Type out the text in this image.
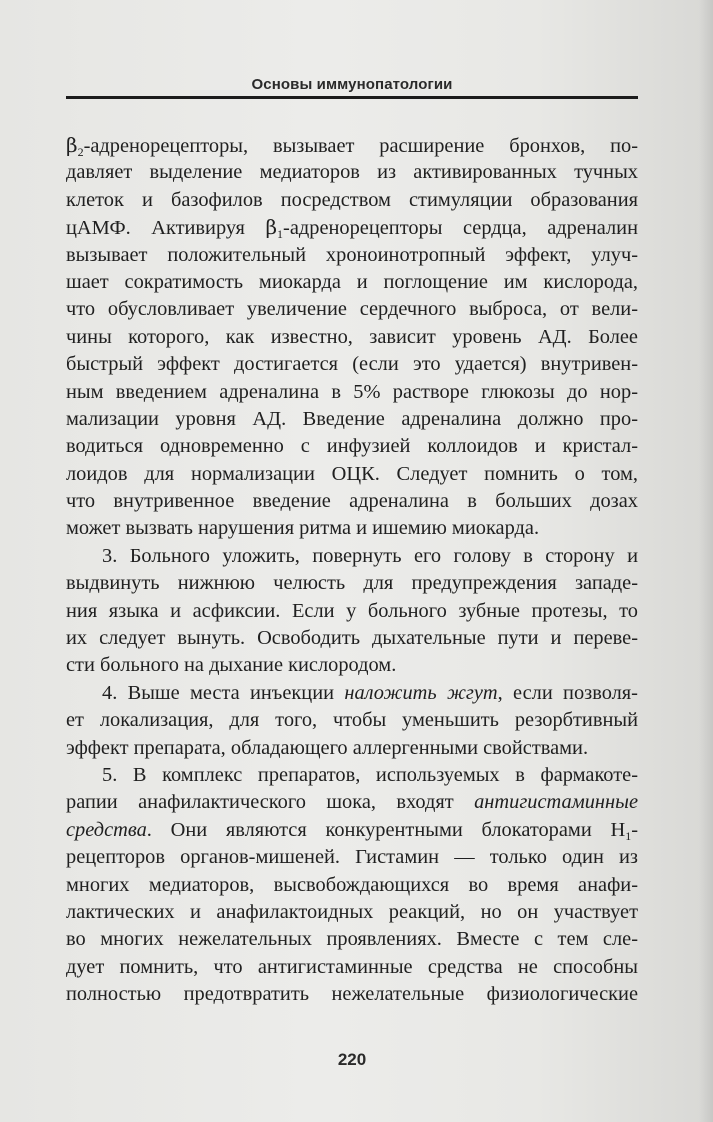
Основы иммунопатологии
$\beta_2$-адренорецепторы, вызывает расширение бронхов, по-
давляет выделение медиаторов из активированных тучных
клеток и базофилов посредством стимуляции образования
цАМФ. Активируя $\beta_1$-адренорецепторы сердца, адреналин
вызывает положительный хроноинотропный эффект, улуч-
шает сократимость миокарда и поглощение им кислорода,
что обусловливает увеличение сердечного выброса, от вели-
чины которого, как известно, зависит уровень АД. Более
быстрый эффект достигается (если это удается) внутривен-
ным введением адреналина в 5% растворе глюкозы до нор-
мализации уровня АД. Введение адреналина должно про-
водиться одновременно с инфузией коллоидов и кристал-
лоидов для нормализации ОЦК. Следует помнить о том,
что внутривенное введение адреналина в больших дозах
может вызвать нарушения ритма и ишемию миокарда.
3. Больного уложить, повернуть его голову в сторону и
выдвинуть нижнюю челюсть для предупреждения западе-
ния языка и асфиксии. Если у больного зубные протезы, то
их следует вынуть. Освободить дыхательные пути и переве-
сти больного на дыхание кислородом.
4. Выше места инъекции наложить жгут, если позволя-
ет локализация, для того, чтобы уменьшить резорбтивный
эффект препарата, обладающего аллергенными свойствами.
5. В комплекс препаратов, используемых в фармакоте-
рапии анафилактического шока, входят антигистаминные
средства. Они являются конкурентными блокаторами $Н_1-$
рецепторов органов-мишеней. Гистамин — только один из
многих медиаторов, высвобождающихся во время анафи-
лактических и анафилактоидных реакций, но он участвует
во многих нежелательных проявлениях. Вместе с тем сле-
дует помнить, что антигистаминные средства не способны
полностью предотвратить нежелательные физиологические
220
